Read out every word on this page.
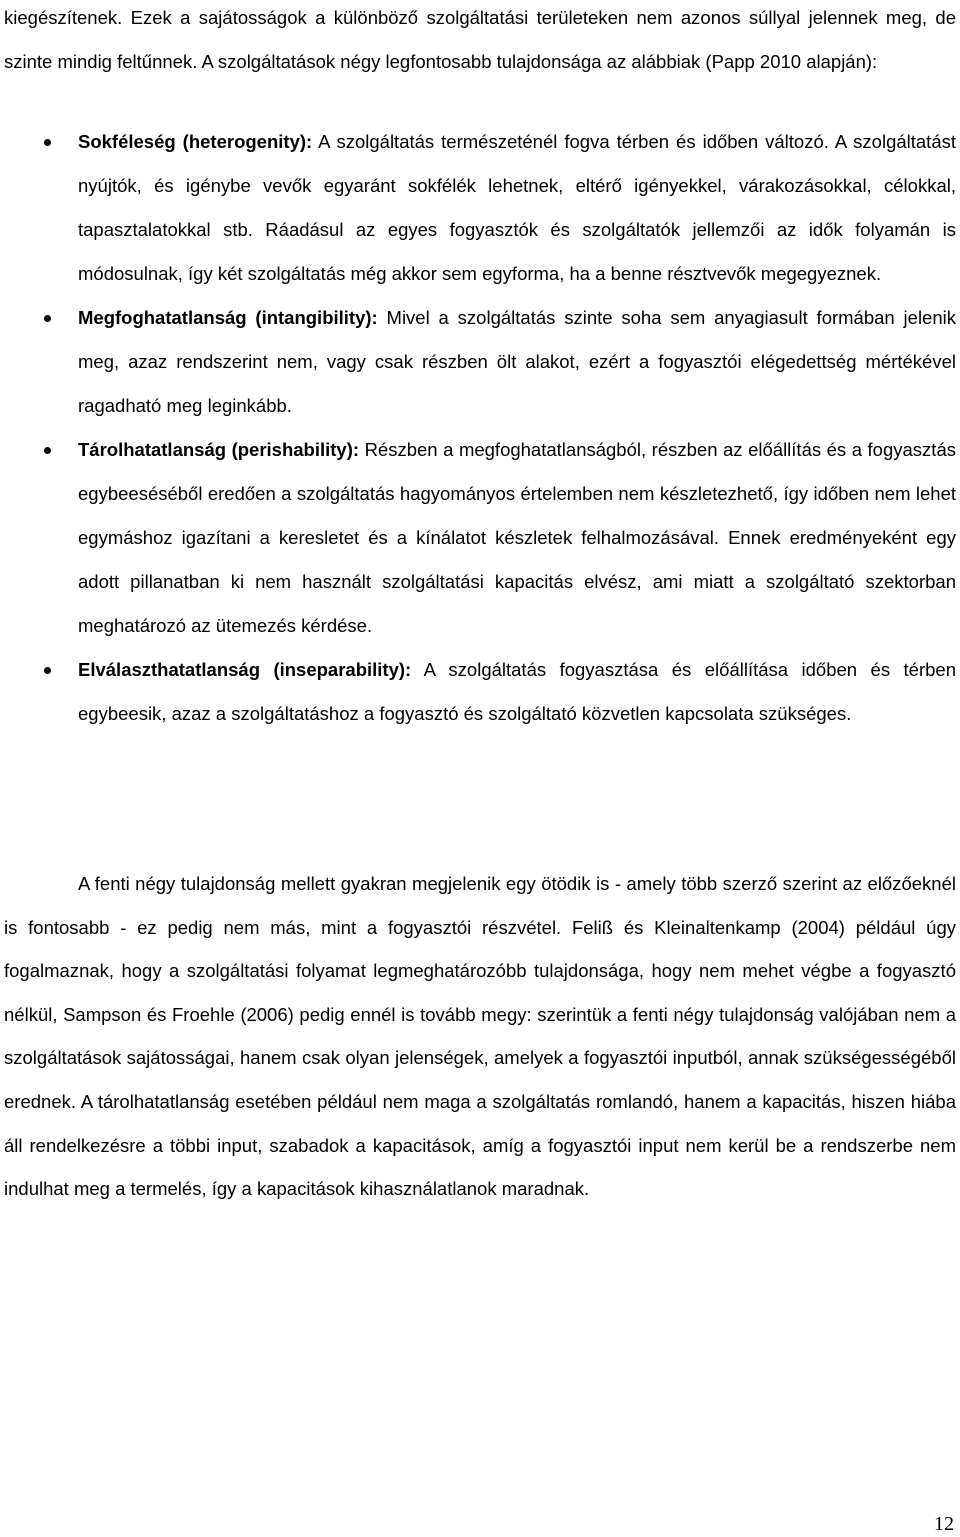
kiegészítenek. Ezek a sajátosságok a különböző szolgáltatási területeken nem azonos súllyal jelennek meg, de szinte mindig feltűnnek. A szolgáltatások négy legfontosabb tulajdonsága az alábbiak (Papp 2010 alapján):

Sokféleség (heterogenity): A szolgáltatás természeténél fogva térben és időben változó. A szolgáltatást nyújtók, és igénybe vevők egyaránt sokfélék lehetnek, eltérő igényekkel, várakozásokkal, célokkal, tapasztalatokkal stb. Ráadásul az egyes fogyasztók és szolgáltatók jellemzői az idők folyamán is módosulnak, így két szolgáltatás még akkor sem egyforma, ha a benne résztvevők megegyeznek.
Megfoghatatlanság (intangibility): Mivel a szolgáltatás szinte soha sem anyagiasult formában jelenik meg, azaz rendszerint nem, vagy csak részben ölt alakot, ezért a fogyasztói elégedettség mértékével ragadható meg leginkább.
Tárolhatatlanság (perishability): Részben a megfoghatatlanságból, részben az előállítás és a fogyasztás egybeeséséből eredően a szolgáltatás hagyományos értelemben nem készletezhető, így időben nem lehet egymáshoz igazítani a keresletet és a kínálatot készletek felhalmozásával. Ennek eredményeként egy adott pillanatban ki nem használt szolgáltatási kapacitás elvész, ami miatt a szolgáltató szektorban meghatározó az ütemezés kérdése.
Elválaszthatatlanság (inseparability): A szolgáltatás fogyasztása és előállítása időben és térben egybeesik, azaz a szolgáltatáshoz a fogyasztó és szolgáltató közvetlen kapcsolata szükséges.

A fenti négy tulajdonság mellett gyakran megjelenik egy ötödik is - amely több szerző szerint az előzőeknél is fontosabb - ez pedig nem más, mint a fogyasztói részvétel. Feliß és Kleinaltenkamp (2004) például úgy fogalmaznak, hogy a szolgáltatási folyamat legmeghatározóbb tulajdonsága, hogy nem mehet végbe a fogyasztó nélkül, Sampson és Froehle (2006) pedig ennél is tovább megy: szerintük a fenti négy tulajdonság valójában nem a szolgáltatások sajátosságai, hanem csak olyan jelenségek, amelyek a fogyasztói inputból, annak szükségességéből erednek. A tárolhatatlanság esetében például nem maga a szolgáltatás romlandó, hanem a kapacitás, hiszen hiába áll rendelkezésre a többi input, szabadok a kapacitások, amíg a fogyasztói input nem kerül be a rendszerbe nem indulhat meg a termelés, így a kapacitások kihasználatlanok maradnak.

12
